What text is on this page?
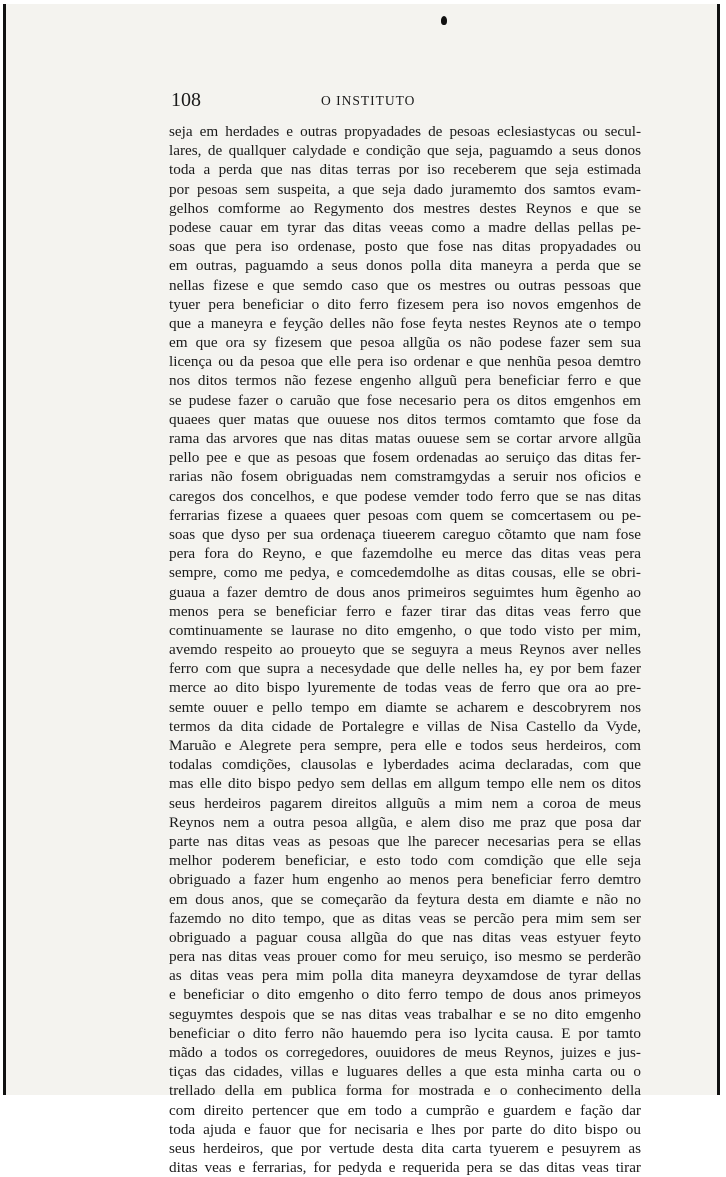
108	O INSTITUTO
seja em herdades e outras propyadades de pesoas eclesiastycas ou secul-
lares, de quallquer calydade e condição que seja, paguamdo a seus donos
toda a perda que nas ditas terras por iso receberem que seja estimada
por pesoas sem suspeita, a que seja dado juramemto dos samtos evam-
gelhos comforme ao Regymento dos mestres destes Reynos e que se
podese cauar em tyrar das ditas veeas como a madre dellas pellas pe-
soas que pera iso ordenase, posto que fose nas ditas propyadades ou
em outras, paguamdo a seus donos polla dita maneyra a perda que se
nellas fizese e que semdo caso que os mestres ou outras pessoas que
tyuer pera beneficiar o dito ferro fizesem pera iso novos emgenhos de
que a maneyra e feyção delles não fose feyta nestes Reynos ate o tempo
em que ora sy fizesem que pesoa allgũa os não podese fazer sem sua
licença ou da pesoa que elle pera iso ordenar e que nenhũa pesoa demtro
nos ditos termos não fezese engenho allguũ pera beneficiar ferro e que
se pudese fazer o caruão que fose necesario pera os ditos emgenhos em
quaees quer matas que ouuese nos ditos termos comtamto que fose da
rama das arvores que nas ditas matas ouuese sem se cortar arvore allgũa
pello pee e que as pesoas que fosem ordenadas ao seruiço das ditas fer-
rarias não fosem obriguadas nem comstramgydas a seruir nos oficios e
caregos dos concelhos, e que podese vemder todo ferro que se nas ditas
ferrarias fizese a quaees quer pesoas com quem se comcertasem ou pe-
soas que dyso per sua ordenaça tiueerem careguo cõtamto que nam fose
pera fora do Reyno, e que fazemdolhe eu merce das ditas veas pera
sempre, como me pedya, e comcedemdolhe as ditas cousas, elle se obri-
guaua a fazer demtro de dous anos primeiros seguimtes hum ẽgenho ao
menos pera se beneficiar ferro e fazer tirar das ditas veas ferro que
comtinuamente se laurase no dito emgenho, o que todo visto per mim,
avemdo respeito ao proueyto que se seguyra a meus Reynos aver nelles
ferro com que supra a necesydade que delle nelles ha, ey por bem fazer
merce ao dito bispo lyuremente de todas veas de ferro que ora ao pre-
semte ouuer e pello tempo em diamte se acharem e descobryrem nos
termos da dita cidade de Portalegre e villas de Nisa Castello da Vyde,
Maruão e Alegrete pera sempre, pera elle e todos seus herdeiros, com
todalas comdições, clausolas e lyberdades acima declaradas, com que
mas elle dito bispo pedyo sem dellas em allgum tempo elle nem os ditos
seus herdeiros pagarem direitos allguũs a mim nem a coroa de meus
Reynos nem a outra pesoa allgũa, e alem diso me praz que posa dar
parte nas ditas veas as pesoas que lhe parecer necesarias pera se ellas
melhor poderem beneficiar, e esto todo com comdição que elle seja
obriguado a fazer hum engenho ao menos pera beneficiar ferro demtro
em dous anos, que se começarão da feytura desta em diamte e não no
fazemdo no dito tempo, que as ditas veas se percão pera mim sem ser
obriguado a paguar cousa allgũa do que nas ditas veas estyuer feyto
pera nas ditas veas prouer como for meu seruiço, iso mesmo se perderão
as ditas veas pera mim polla dita maneyra deyxamdose de tyrar dellas
e beneficiar o dito emgenho o dito ferro tempo de dous anos primeyos
seguymtes despois que se nas ditas veas trabalhar e se no dito emgenho
beneficiar o dito ferro não hauemdo pera iso lycita causa. E por tamto
mãdo a todos os corregedores, ouuidores de meus Reynos, juizes e jus-
tiças das cidades, villas e luguares delles a que esta minha carta ou o
trellado della em publica forma for mostrada e o conhecimento della
com direito pertencer que em todo a cumprão e guardem e fação dar
toda ajuda e fauor que for necisaria e lhes por parte do dito bispo ou
seus herdeiros, que por vertude desta dita carta tyuerem e pesuyrem as
ditas veas e ferrarias, for pedyda e requerida pera se das ditas veas tirar
